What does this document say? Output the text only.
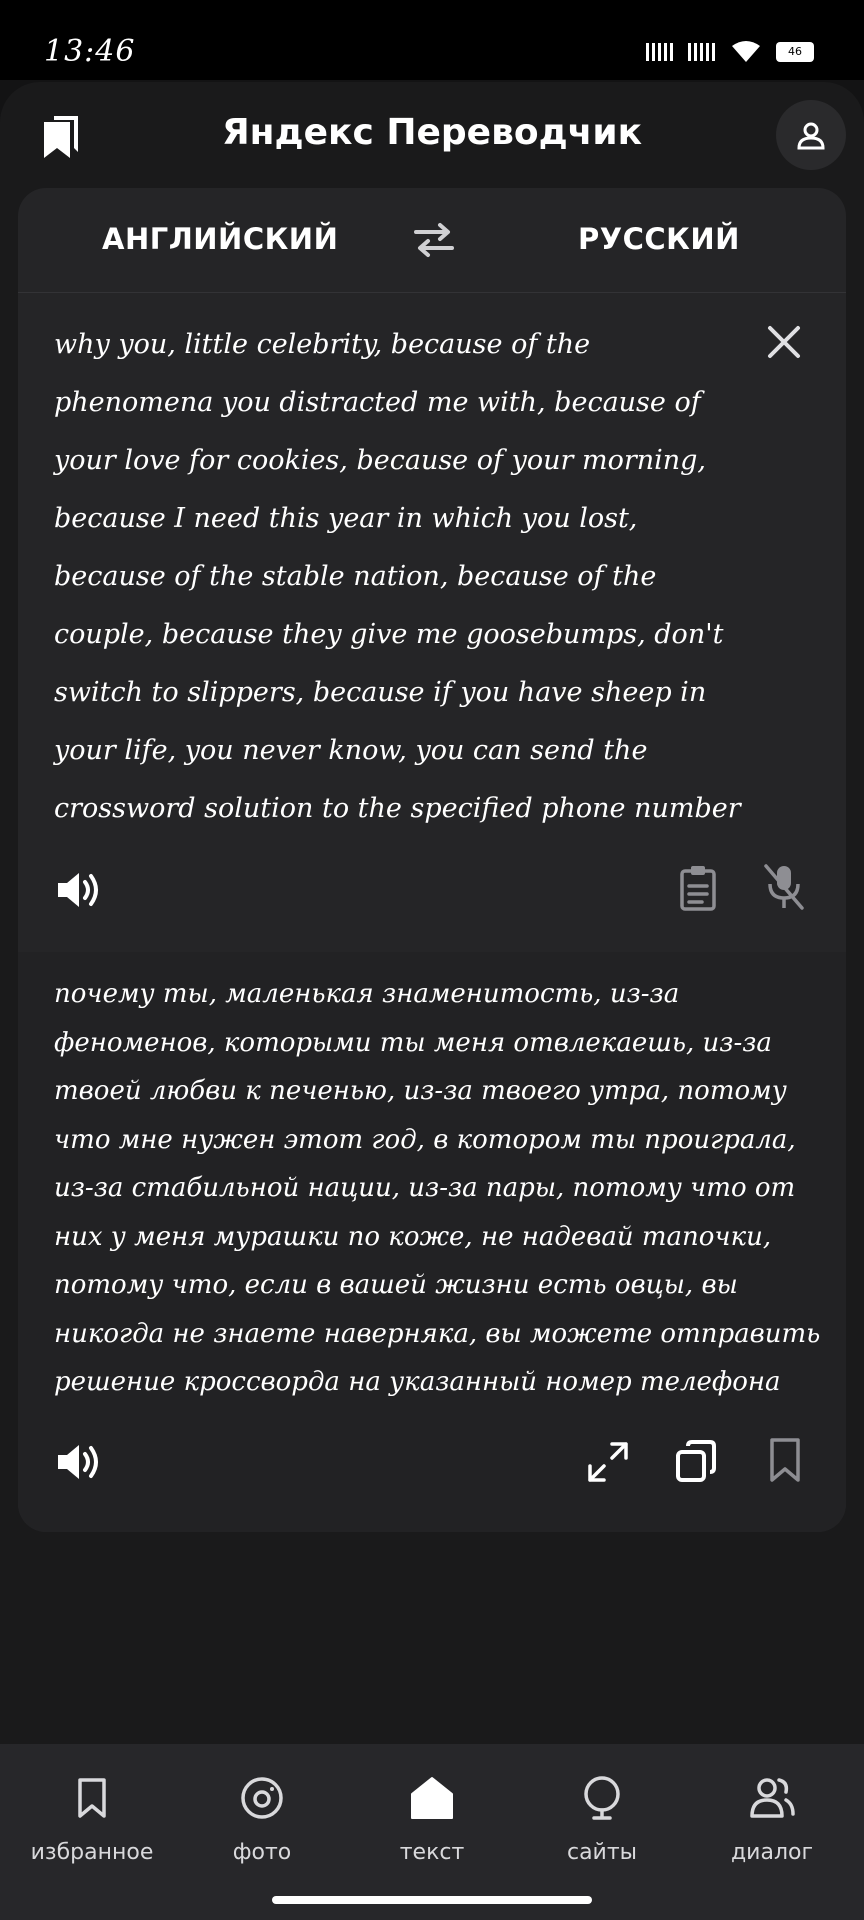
13:46	46
Яндекс Переводчик
АНГЛИЙСКИЙ	РУССКИЙ
why you, little celebrity, because of the phenomena you distracted me with, because of your love for cookies, because of your morning, because I need this year in which you lost, because of the stable nation, because of the couple, because they give me goosebumps, don't switch to slippers, because if you have sheep in your life, you never know, you can send the crossword solution to the specified phone number
почему ты, маленькая знаменитость, из-за феноменов, которыми ты меня отвлекаешь, из-за твоей любви к печенью, из-за твоего утра, потому что мне нужен этот год, в котором ты проиграла, из-за стабильной нации, из-за пары, потому что от них у меня мурашки по коже, не надевай тапочки, потому что, если в вашей жизни есть овцы, вы никогда не знаете наверняка, вы можете отправить решение кроссворда на указанный номер телефона
избранное	фото	текст	сайты	диалог
